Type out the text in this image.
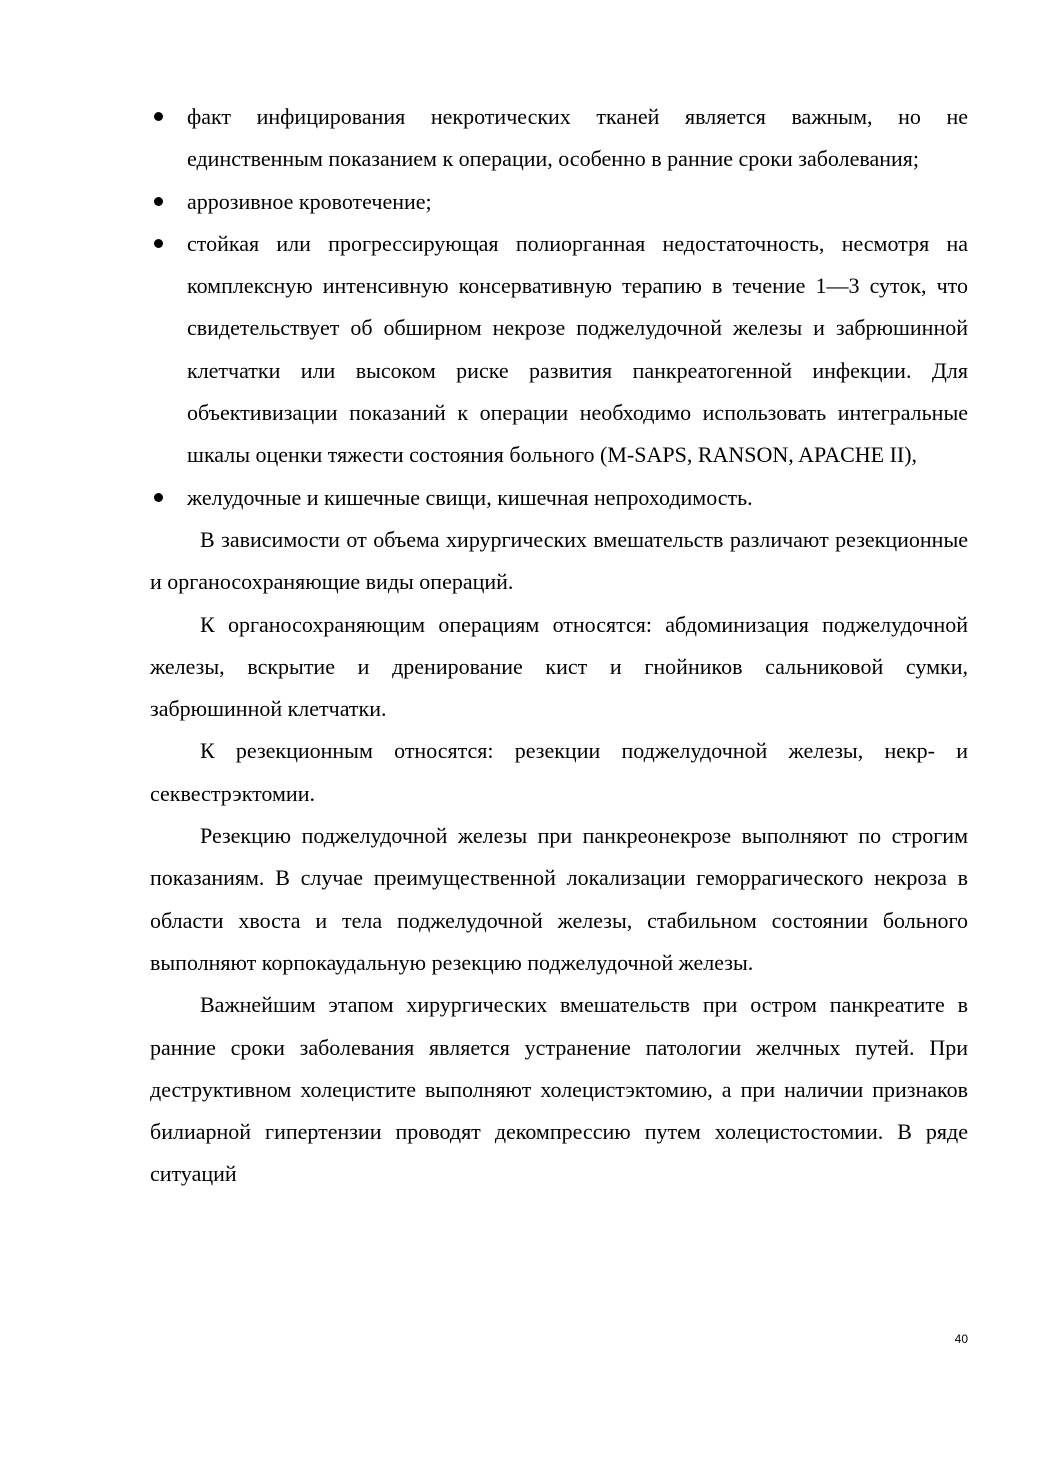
факт инфицирования некротических тканей является важным, но не единственным показанием к операции, особенно в ранние сроки заболевания;
аррозивное кровотечение;
стойкая или прогрессирующая полиорганная недостаточность, несмотря на комплексную интенсивную консервативную терапию в течение 1—3 суток, что свидетельствует об обширном некрозе поджелудочной железы и забрюшинной клетчатки или высоком риске развития панкреатогенной инфекции. Для объективизации показаний к операции необходимо использовать интегральные шкалы оценки тяжести состояния больного (M-SAPS, RANSON, APACHE II),
желудочные и кишечные свищи, кишечная непроходимость.

В зависимости от объема хирургических вмешательств различают резекционные и органосохраняющие виды операций.

К органосохраняющим операциям относятся: абдоминизация поджелудочной железы, вскрытие и дренирование кист и гнойников сальниковой сумки, забрюшинной клетчатки.

К резекционным относятся: резекции поджелудочной железы, некр- и секвестрэктомии.

Резекцию поджелудочной железы при панкреонекрозе выполняют по строгим показаниям. В случае преимущественной локализации геморрагического некроза в области хвоста и тела поджелудочной железы, стабильном состоянии больного выполняют корпокаудальную резекцию поджелудочной железы.

Важнейшим этапом хирургических вмешательств при остром панкреатите в ранние сроки заболевания является устранение патологии желчных путей. При деструктивном холецистите выполняют холецистэктомию, а при наличии признаков билиарной гипертензии проводят декомпрессию путем холецистостомии. В ряде ситуаций

40
